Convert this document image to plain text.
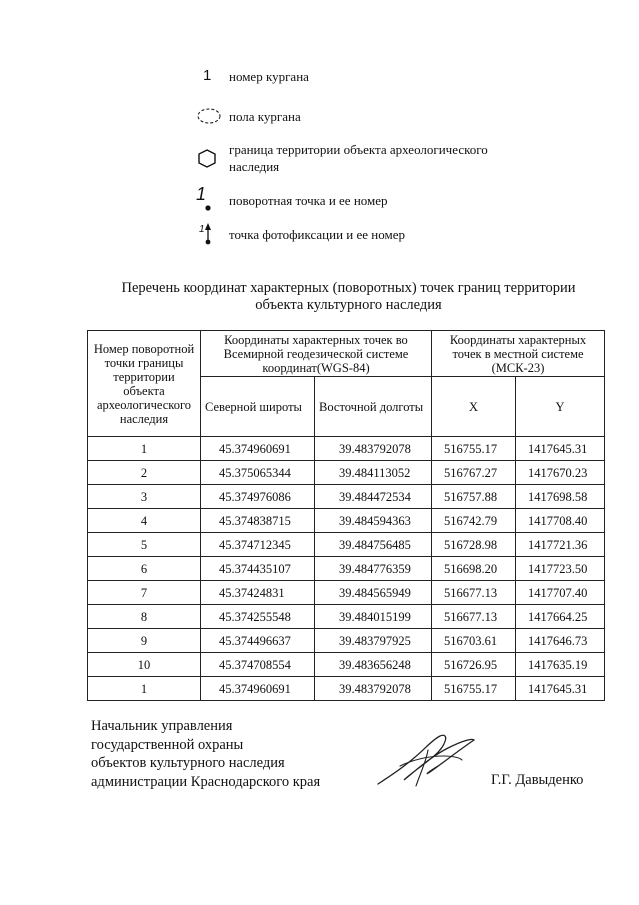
1 номер кургана
пола кургана
граница территории объекта археологического
наследия
1 поворотная точка и ее номер
1 точка фотофиксации и ее номер
Перечень координат характерных (поворотных) точек границ территории
объекта культурного наследия
Номер поворотной точки границы территории объекта археологического наследия	Координаты характерных точек во Всемирной геодезической системе координат(WGS-84)		Координаты характерных точек в местной системе (МСК-23)	
	Северной широты	Восточной долготы	X	Y
1	45.374960691	39.483792078	516755.17	1417645.31
2	45.375065344	39.484113052	516767.27	1417670.23
3	45.374976086	39.484472534	516757.88	1417698.58
4	45.374838715	39.484594363	516742.79	1417708.40
5	45.374712345	39.484756485	516728.98	1417721.36
6	45.374435107	39.484776359	516698.20	1417723.50
7	45.37424831	39.484565949	516677.13	1417707.40
8	45.374255548	39.484015199	516677.13	1417664.25
9	45.374496637	39.483797925	516703.61	1417646.73
10	45.374708554	39.483656248	516726.95	1417635.19
1	45.374960691	39.483792078	516755.17	1417645.31
Начальник управления
государственной охраны
объектов культурного наследия
администрации Краснодарского края	Г.Г. Давыденко
